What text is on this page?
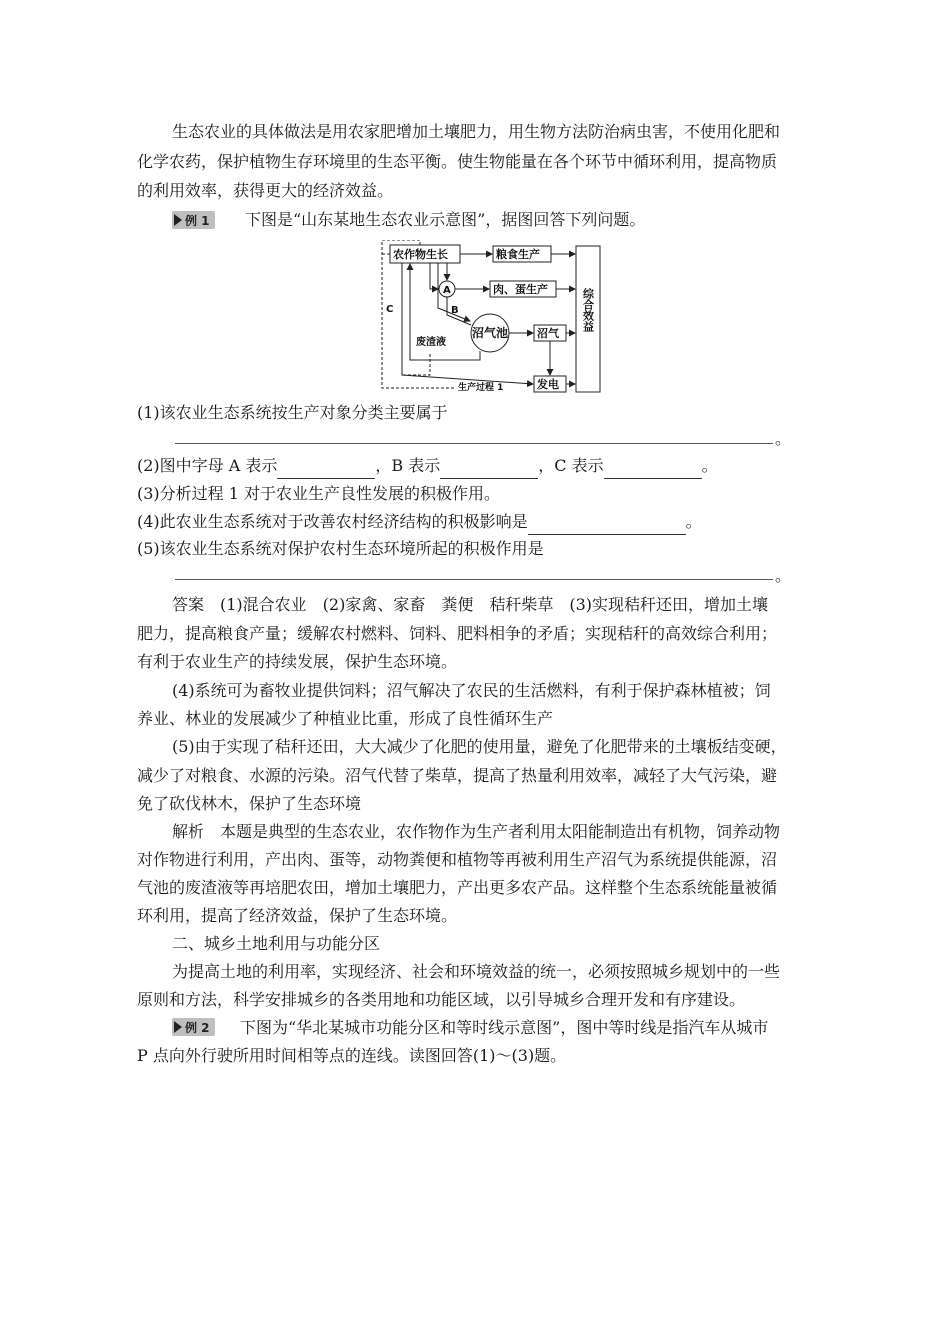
生态农业的具体做法是用农家肥增加土壤肥力，用生物方法防治病虫害，不使用化肥和
化学农药，保护植物生存环境里的生态平衡。使生物能量在各个环节中循环利用，提高物质
的利用效率，获得更大的经济效益。
例 1 下图是“山东某地生态农业示意图”，据图回答下列问题。
农作物生长	粮食生产
肉、蛋生产
沼气
发电
沼气池
A
B
C
废渣液
生产过程 1
综合效益
(1)该农业生态系统按生产对象分类主要属于
。
(2)图中字母 A 表示	，B 表示	，C 表示	。
(3)分析过程 1 对于农业生产良性发展的积极作用。
(4)此农业生态系统对于改善农村经济结构的积极影响是	。
(5)该农业生态系统对保护农村生态环境所起的积极作用是
。
答案　(1)混合农业　(2)家禽、家畜　粪便　秸秆柴草　(3)实现秸秆还田，增加土壤
肥力，提高粮食产量；缓解农村燃料、饲料、肥料相争的矛盾；实现秸秆的高效综合利用；
有利于农业生产的持续发展，保护生态环境。
(4)系统可为畜牧业提供饲料；沼气解决了农民的生活燃料，有利于保护森林植被；饲
养业、林业的发展减少了种植业比重，形成了良性循环生产
(5)由于实现了秸秆还田，大大减少了化肥的使用量，避免了化肥带来的土壤板结变硬，
减少了对粮食、水源的污染。沼气代替了柴草，提高了热量利用效率，减轻了大气污染，避
免了砍伐林木，保护了生态环境
解析　本题是典型的生态农业，农作物作为生产者利用太阳能制造出有机物，饲养动物
对作物进行利用，产出肉、蛋等，动物粪便和植物等再被利用生产沼气为系统提供能源，沼
气池的废渣液等再培肥农田，增加土壤肥力，产出更多农产品。这样整个生态系统能量被循
环利用，提高了经济效益，保护了生态环境。
二、城乡土地利用与功能分区
为提高土地的利用率，实现经济、社会和环境效益的统一，必须按照城乡规划中的一些
原则和方法，科学安排城乡的各类用地和功能区域，以引导城乡合理开发和有序建设。
例 2 下图为“华北某城市功能分区和等时线示意图”，图中等时线是指汽车从城市
P 点向外行驶所用时间相等点的连线。读图回答(1)～(3)题。
